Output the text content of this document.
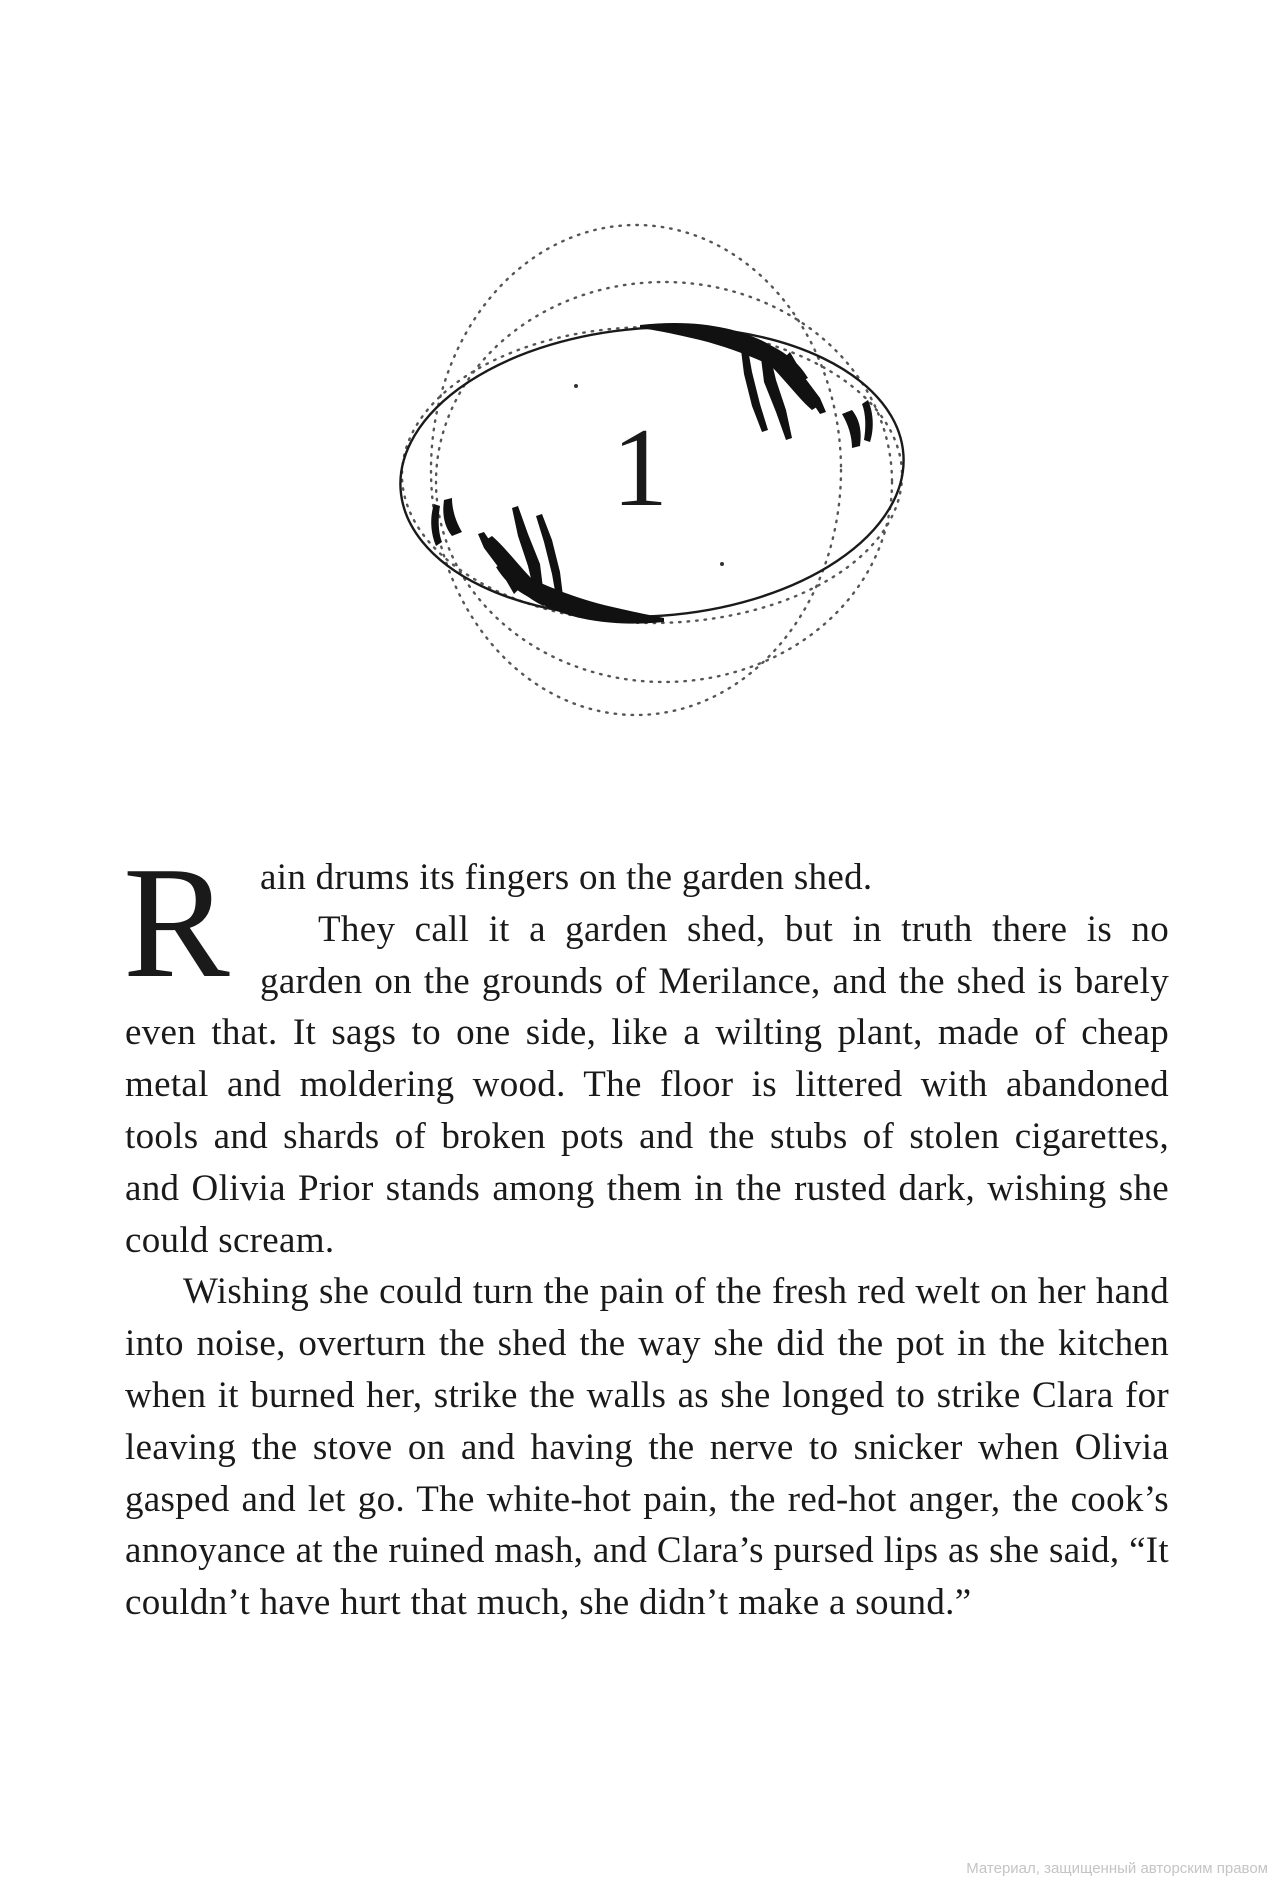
1
R ain drums its fingers on the garden shed.

They call it a garden shed, but in truth there is no garden on the grounds of Merilance, and the shed is barely even that. It sags to one side, like a wilting plant, made of cheap metal and moldering wood. The floor is littered with abandoned tools and shards of broken pots and the stubs of stolen cigarettes, and Olivia Prior stands among them in the rusted dark, wishing she could scream.

Wishing she could turn the pain of the fresh red welt on her hand into noise, overturn the shed the way she did the pot in the kitchen when it burned her, strike the walls as she longed to strike Clara for leaving the stove on and having the nerve to snicker when Olivia gasped and let go. The white-hot pain, the red-hot anger, the cook’s annoyance at the ruined mash, and Clara’s pursed lips as she said, “It couldn’t have hurt that much, she didn’t make a sound.”

Материал, защищенный авторским правом
